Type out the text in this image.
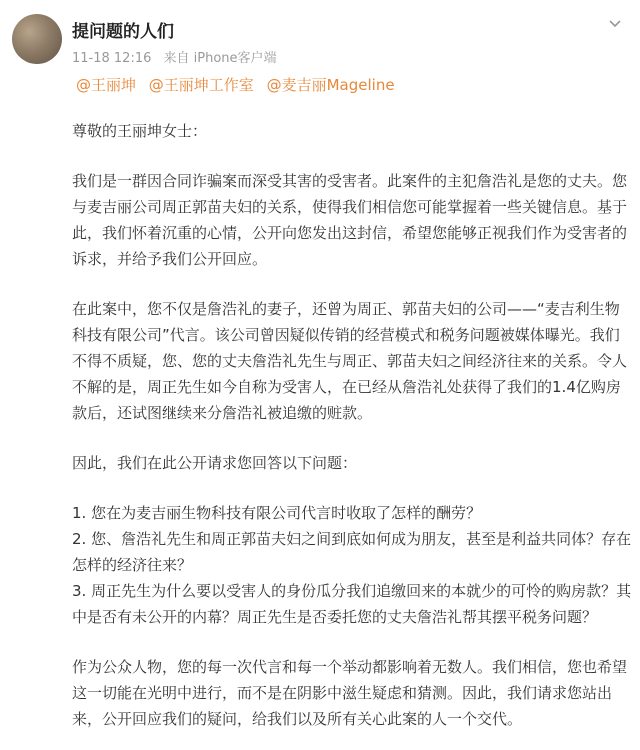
提问题的人们
11-18 12:16 来自 iPhone客户端
@王丽坤 @王丽坤工作室 @麦吉丽Mageline

尊敬的王丽坤女士：

我们是一群因合同诈骗案而深受其害的受害者。此案件的主犯詹浩礼是您的丈夫。您与麦吉丽公司周正郭苗夫妇的关系，使得我们相信您可能掌握着一些关键信息。基于此，我们怀着沉重的心情，公开向您发出这封信，希望您能够正视我们作为受害者的诉求，并给予我们公开回应。

在此案中，您不仅是詹浩礼的妻子，还曾为周正、郭苗夫妇的公司——“麦吉利生物科技有限公司”代言。该公司曾因疑似传销的经营模式和税务问题被媒体曝光。我们不得不质疑，您、您的丈夫詹浩礼先生与周正、郭苗夫妇之间经济往来的关系。令人不解的是，周正先生如今自称为受害人，在已经从詹浩礼处获得了我们的1.4亿购房款后，还试图继续来分詹浩礼被追缴的赃款。

因此，我们在此公开请求您回答以下问题：

1. 您在为麦吉丽生物科技有限公司代言时收取了怎样的酬劳？

2. 您、詹浩礼先生和周正郭苗夫妇之间到底如何成为朋友，甚至是利益共同体？存在怎样的经济往来？

3. 周正先生为什么要以受害人的身份瓜分我们追缴回来的本就少的可怜的购房款？其中是否有未公开的内幕？周正先生是否委托您的丈夫詹浩礼帮其摆平税务问题？

作为公众人物，您的每一次代言和每一个举动都影响着无数人。我们相信，您也希望这一切能在光明中进行，而不是在阴影中滋生疑虑和猜测。因此，我们请求您站出来，公开回应我们的疑问，给我们以及所有关心此案的人一个交代。
